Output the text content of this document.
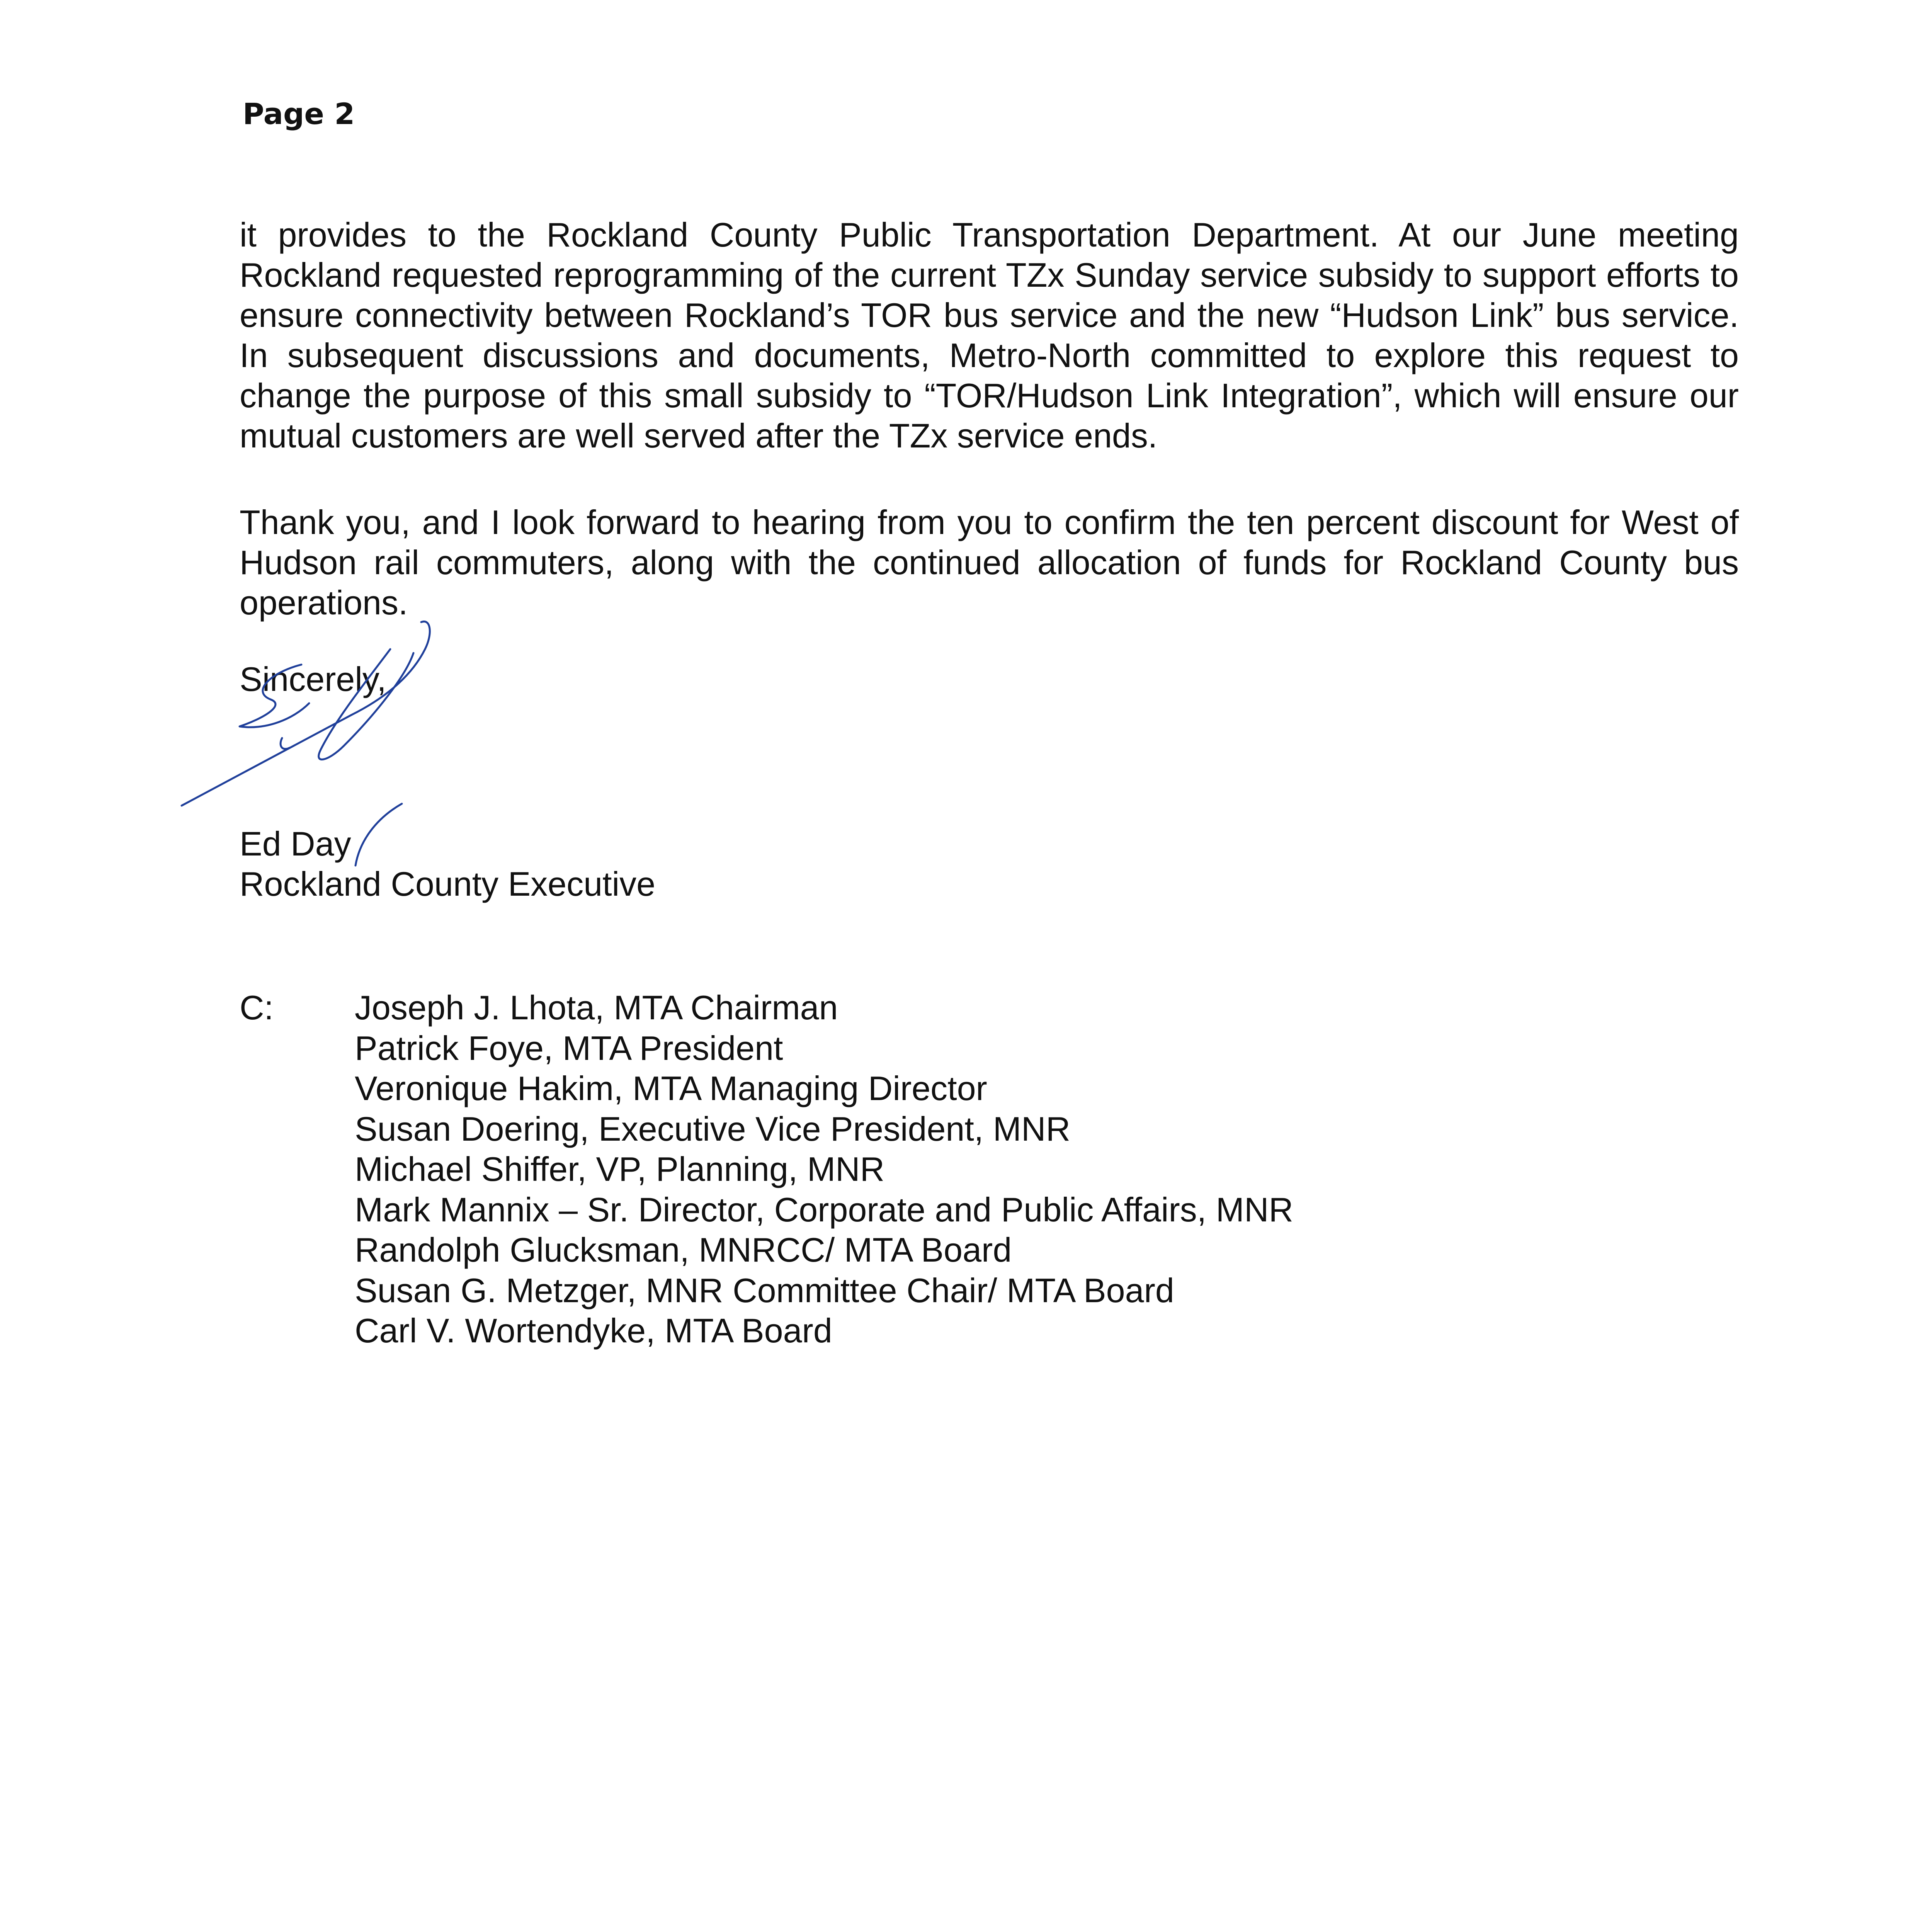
Page 2

it provides to the Rockland County Public Transportation Department. At our June meeting Rockland requested reprogramming of the current TZx Sunday service subsidy to support efforts to ensure connectivity between Rockland’s TOR bus service and the new “Hudson Link” bus service. In subsequent discussions and documents, Metro-North committed to explore this request to change the purpose of this small subsidy to “TOR/Hudson Link Integration”, which will ensure our mutual customers are well served after the TZx service ends.

Thank you, and I look forward to hearing from you to confirm the ten percent discount for West of Hudson rail commuters, along with the continued allocation of funds for Rockland County bus operations.

Sincerely,
Ed Day
Rockland County Executive
C: Joseph J. Lhota, MTA Chairman
Patrick Foye, MTA President
Veronique Hakim, MTA Managing Director
Susan Doering, Executive Vice President, MNR
Michael Shiffer, VP, Planning, MNR
Mark Mannix – Sr. Director, Corporate and Public Affairs, MNR
Randolph Glucksman, MNRCC/ MTA Board
Susan G. Metzger, MNR Committee Chair/ MTA Board
Carl V. Wortendyke, MTA Board
